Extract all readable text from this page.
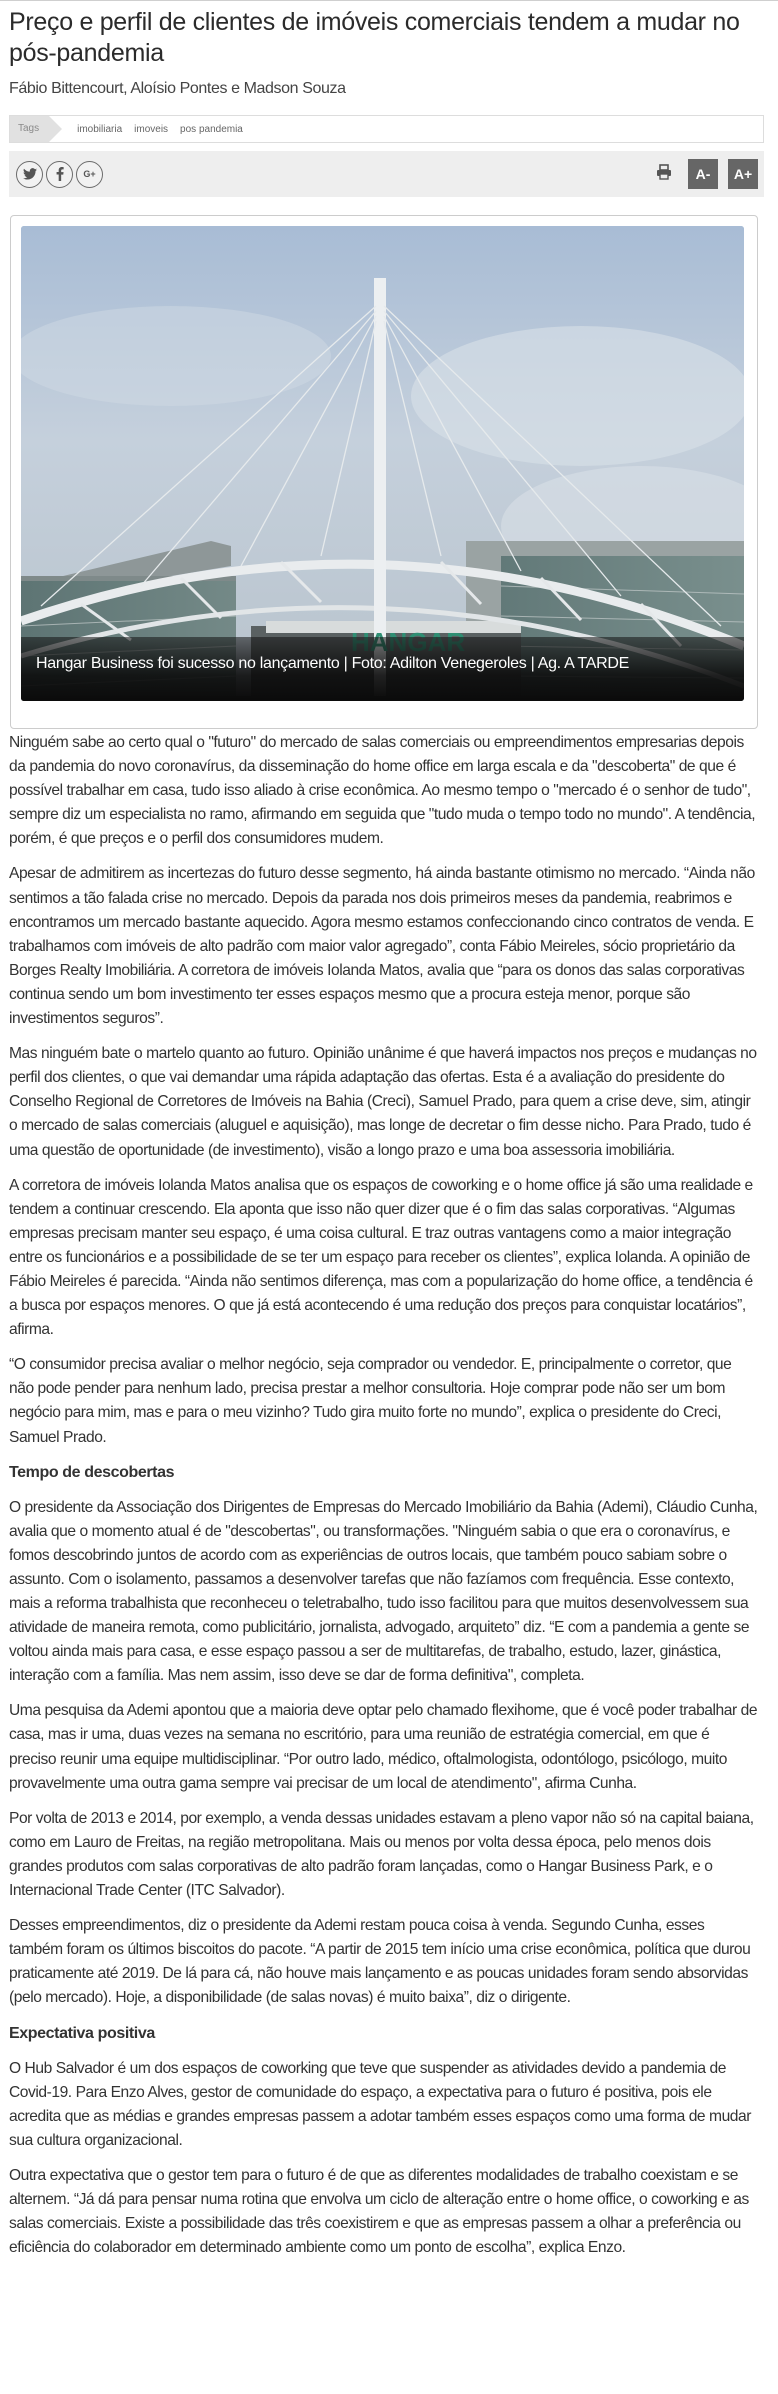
Preço e perfil de clientes de imóveis comerciais tendem a mudar no pós-pandemia
Fábio Bittencourt, Aloísio Pontes e Madson Souza
Tags	imobiliaria imoveis pos pandemia
G+	A-	A+
Hangar Business foi sucesso no lançamento | Foto: Adilton Venegeroles | Ag. A TARDE

Ninguém sabe ao certo qual o "futuro" do mercado de salas comerciais ou empreendimentos empresarias depois da pandemia do novo coronavírus, da disseminação do home office em larga escala e da "descoberta" de que é possível trabalhar em casa, tudo isso aliado à crise econômica. Ao mesmo tempo o "mercado é o senhor de tudo", sempre diz um especialista no ramo, afirmando em seguida que "tudo muda o tempo todo no mundo". A tendência, porém, é que preços e o perfil dos consumidores mudem.

Apesar de admitirem as incertezas do futuro desse segmento, há ainda bastante otimismo no mercado. “Ainda não sentimos a tão falada crise no mercado. Depois da parada nos dois primeiros meses da pandemia, reabrimos e encontramos um mercado bastante aquecido. Agora mesmo estamos confeccionando cinco contratos de venda. E trabalhamos com imóveis de alto padrão com maior valor agregado”, conta Fábio Meireles, sócio proprietário da Borges Realty Imobiliária. A corretora de imóveis Iolanda Matos, avalia que “para os donos das salas corporativas continua sendo um bom investimento ter esses espaços mesmo que a procura esteja menor, porque são investimentos seguros”.

Mas ninguém bate o martelo quanto ao futuro. Opinião unânime é que haverá impactos nos preços e mudanças no perfil dos clientes, o que vai demandar uma rápida adaptação das ofertas. Esta é a avaliação do presidente do Conselho Regional de Corretores de Imóveis na Bahia (Creci), Samuel Prado, para quem a crise deve, sim, atingir o mercado de salas comerciais (aluguel e aquisição), mas longe de decretar o fim desse nicho. Para Prado, tudo é uma questão de oportunidade (de investimento), visão a longo prazo e uma boa assessoria imobiliária.

A corretora de imóveis Iolanda Matos analisa que os espaços de coworking e o home office já são uma realidade e tendem a continuar crescendo. Ela aponta que isso não quer dizer que é o fim das salas corporativas. “Algumas empresas precisam manter seu espaço, é uma coisa cultural. E traz outras vantagens como a maior integração entre os funcionários e a possibilidade de se ter um espaço para receber os clientes”, explica Iolanda. A opinião de Fábio Meireles é parecida. “Ainda não sentimos diferença, mas com a popularização do home office, a tendência é a busca por espaços menores. O que já está acontecendo é uma redução dos preços para conquistar locatários”, afirma.

“O consumidor precisa avaliar o melhor negócio, seja comprador ou vendedor. E, principalmente o corretor, que não pode pender para nenhum lado, precisa prestar a melhor consultoria. Hoje comprar pode não ser um bom negócio para mim, mas e para o meu vizinho? Tudo gira muito forte no mundo”, explica o presidente do Creci, Samuel Prado.

Tempo de descobertas

O presidente da Associação dos Dirigentes de Empresas do Mercado Imobiliário da Bahia (Ademi), Cláudio Cunha, avalia que o momento atual é de "descobertas", ou transformações. "Ninguém sabia o que era o coronavírus, e fomos descobrindo juntos de acordo com as experiências de outros locais, que também pouco sabiam sobre o assunto. Com o isolamento, passamos a desenvolver tarefas que não fazíamos com frequência. Esse contexto, mais a reforma trabalhista que reconheceu o teletrabalho, tudo isso facilitou para que muitos desenvolvessem sua atividade de maneira remota, como publicitário, jornalista, advogado, arquiteto” diz. “E com a pandemia a gente se voltou ainda mais para casa, e esse espaço passou a ser de multitarefas, de trabalho, estudo, lazer, ginástica, interação com a família. Mas nem assim, isso deve se dar de forma definitiva", completa.

Uma pesquisa da Ademi apontou que a maioria deve optar pelo chamado flexihome, que é você poder trabalhar de casa, mas ir uma, duas vezes na semana no escritório, para uma reunião de estratégia comercial, em que é preciso reunir uma equipe multidisciplinar. “Por outro lado, médico, oftalmologista, odontólogo, psicólogo, muito provavelmente uma outra gama sempre vai precisar de um local de atendimento", afirma Cunha.

Por volta de 2013 e 2014, por exemplo, a venda dessas unidades estavam a pleno vapor não só na capital baiana, como em Lauro de Freitas, na região metropolitana. Mais ou menos por volta dessa época, pelo menos dois grandes produtos com salas corporativas de alto padrão foram lançadas, como o Hangar Business Park, e o Internacional Trade Center (ITC Salvador).

Desses empreendimentos, diz o presidente da Ademi restam pouca coisa à venda. Segundo Cunha, esses também foram os últimos biscoitos do pacote. “A partir de 2015 tem início uma crise econômica, política que durou praticamente até 2019. De lá para cá, não houve mais lançamento e as poucas unidades foram sendo absorvidas (pelo mercado). Hoje, a disponibilidade (de salas novas) é muito baixa”, diz o dirigente.

Expectativa positiva

O Hub Salvador é um dos espaços de coworking que teve que suspender as atividades devido a pandemia de Covid-19. Para Enzo Alves, gestor de comunidade do espaço, a expectativa para o futuro é positiva, pois ele acredita que as médias e grandes empresas passem a adotar também esses espaços como uma forma de mudar sua cultura organizacional.

Outra expectativa que o gestor tem para o futuro é de que as diferentes modalidades de trabalho coexistam e se alternem. “Já dá para pensar numa rotina que envolva um ciclo de alteração entre o home office, o coworking e as salas comerciais. Existe a possibilidade das três coexistirem e que as empresas passem a olhar a preferência ou eficiência do colaborador em determinado ambiente como um ponto de escolha”, explica Enzo.
